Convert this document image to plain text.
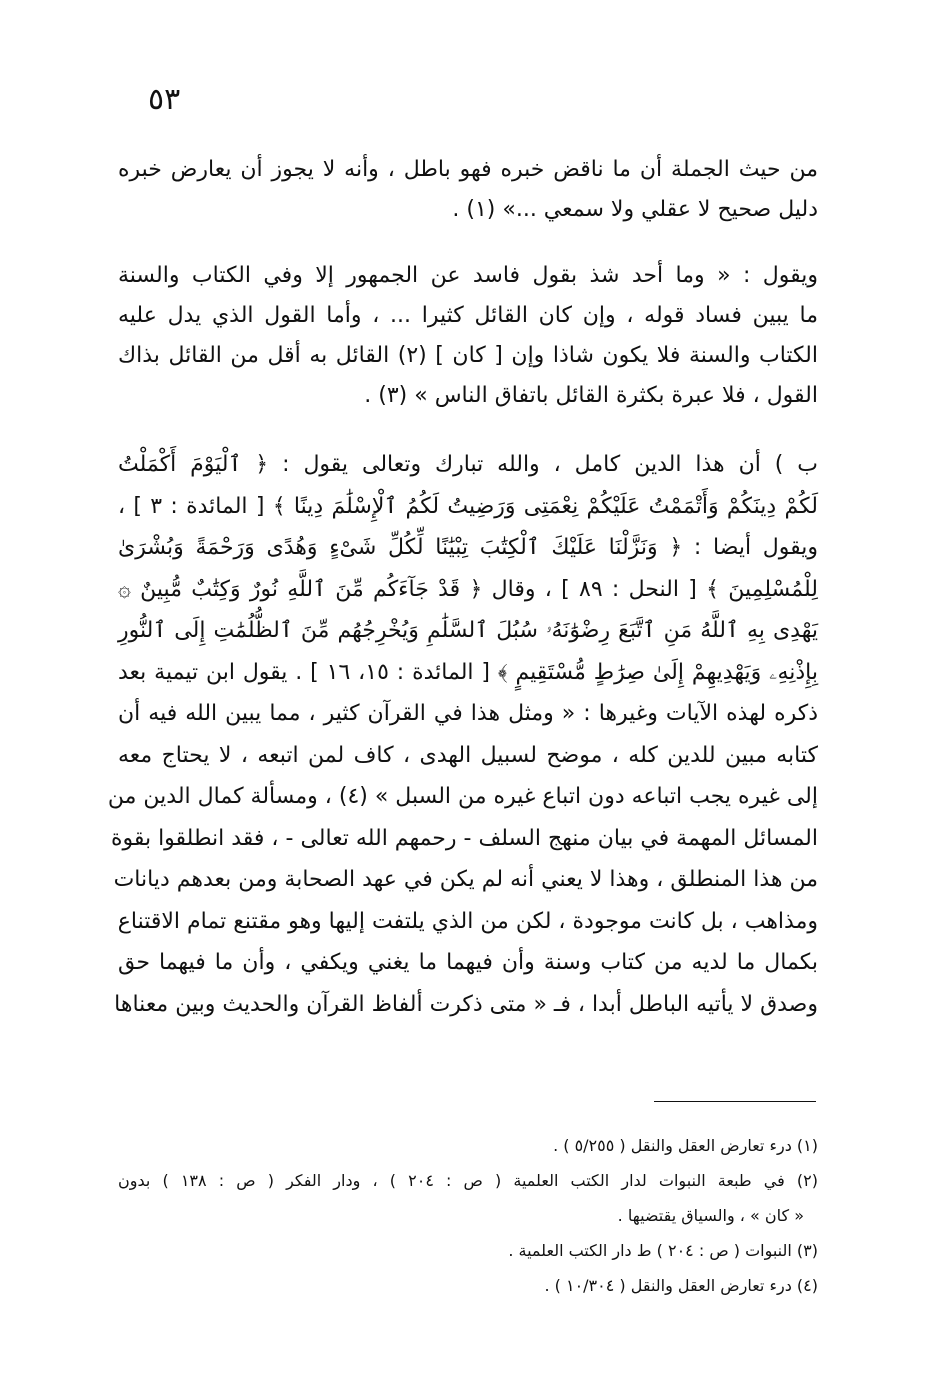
٥٣
من حيث الجملة أن ما ناقض خبره فهو باطل ، وأنه لا يجوز أن يعارض خبره
دليل صحيح لا عقلي ولا سمعي ...» (١) .
ويقول : « وما أحد شذ بقول فاسد عن الجمهور إلا وفي الكتاب والسنة
ما يبين فساد قوله ، وإن كان القائل كثيرا ... ، وأما القول الذي يدل عليه
الكتاب والسنة فلا يكون شاذا وإن [ كان ] (٢) القائل به أقل من القائل بذاك
القول ، فلا عبرة بكثرة القائل باتفاق الناس » (٣) .
ب ) أن هذا الدين كامل ، والله تبارك وتعالى يقول : ﴿ ٱلْيَوْمَ أَكْمَلْتُ
لَكُمْ دِينَكُمْ وَأَتْمَمْتُ عَلَيْكُمْ نِعْمَتِى وَرَضِيتُ لَكُمُ ٱلْإِسْلَٰمَ دِينًا ﴾ [ المائدة : ٣ ] ،
ويقول أيضا : ﴿ وَنَزَّلْنَا عَلَيْكَ ٱلْكِتَٰبَ تِبْيَٰنًا لِّكُلِّ شَىْءٍ وَهُدًى وَرَحْمَةً وَبُشْرَىٰ
لِلْمُسْلِمِينَ ﴾ [ النحل : ٨٩ ] ، وقال ﴿ قَدْ جَآءَكُم مِّنَ ٱللَّهِ نُورٌ وَكِتَٰبٌ مُّبِينٌ ۞
يَهْدِى بِهِ ٱللَّهُ مَنِ ٱتَّبَعَ رِضْوَٰنَهُۥ سُبُلَ ٱلسَّلَٰمِ وَيُخْرِجُهُم مِّنَ ٱلظُّلُمَٰتِ إِلَى ٱلنُّورِ
بِإِذْنِهِۦ وَيَهْدِيهِمْ إِلَىٰ صِرَٰطٍ مُّسْتَقِيمٍ ﴾ [ المائدة : ١٥، ١٦ ] . يقول ابن تيمية بعد
ذكره لهذه الآيات وغيرها : « ومثل هذا في القرآن كثير ، مما يبين الله فيه أن
كتابه مبين للدين كله ، موضح لسبيل الهدى ، كاف لمن اتبعه ، لا يحتاج معه
إلى غيره يجب اتباعه دون اتباع غيره من السبل » (٤) ، ومسألة كمال الدين من
المسائل المهمة في بيان منهج السلف - رحمهم الله تعالى - ، فقد انطلقوا بقوة
من هذا المنطلق ، وهذا لا يعني أنه لم يكن في عهد الصحابة ومن بعدهم ديانات
ومذاهب ، بل كانت موجودة ، لكن من الذي يلتفت إليها وهو مقتنع تمام الاقتناع
بكمال ما لديه من كتاب وسنة وأن فيهما ما يغني ويكفي ، وأن ما فيهما حق
وصدق لا يأتيه الباطل أبدا ، فـ « متى ذكرت ألفاظ القرآن والحديث وبين معناها
(١) درء تعارض العقل والنقل ( ٥/٢٥٥ ) .
(٢) في طبعة النبوات لدار الكتب العلمية ( ص : ٢٠٤ ) ، ودار الفكر ( ص : ١٣٨ ) بدون
« كان » ، والسياق يقتضيها .
(٣) النبوات ( ص : ٢٠٤ ) ط دار الكتب العلمية .
(٤) درء تعارض العقل والنقل ( ١٠/٣٠٤ ) .
